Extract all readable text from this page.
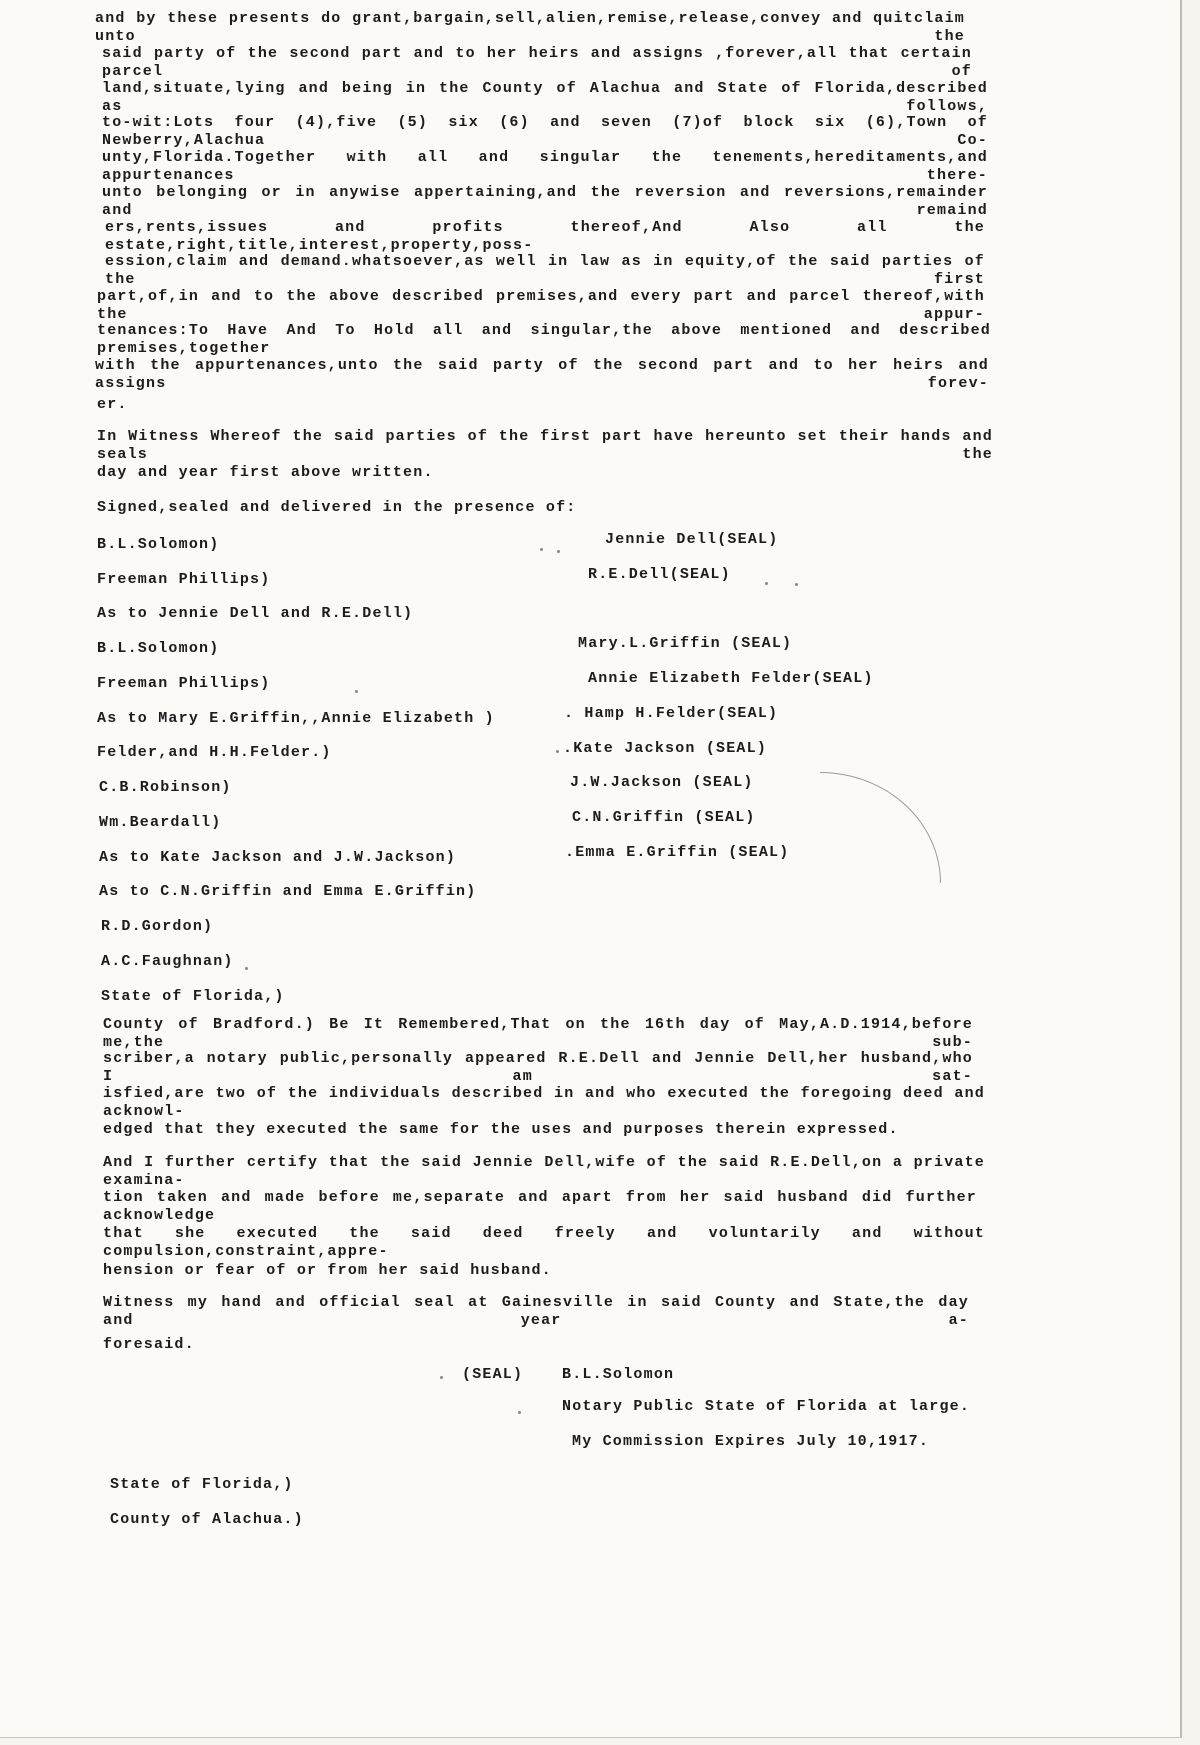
and by these presents do grant,bargain,sell,alien,remise,release,convey and quitclaim unto the

said party of the second part and to her heirs and assigns ,forever,all that certain parcel of

land,situate,lying and being in the County of Alachua and State of Florida,described as follows,

to-wit:Lots four (4),five (5) six (6) and seven (7)of block six (6),Town of Newberry,Alachua Co-

unty,Florida.Together with all and singular the tenements,hereditaments,and appurtenances there-

unto belonging or in anywise appertaining,and the reversion and reversions,remainder and remaind

ers,rents,issues and profits thereof,And Also all the estate,right,title,interest,property,poss-

ession,claim and demand.whatsoever,as well in law as in equity,of the said parties of the first

part,of,in and to the above described premises,and every part and parcel thereof,with the appur-

tenances:To Have And To Hold all and singular,the above mentioned and described premises,together

with the appurtenances,unto the said party of the second part and to her heirs and assigns forev-

er.

In Witness Whereof the said parties of the first part have hereunto set their hands and seals the

day and year first above written.

Signed,sealed and delivered in the presence of:

B.L.Solomon)

Freeman Phillips)

As to Jennie Dell and R.E.Dell)

B.L.Solomon)

Freeman Phillips)

As to Mary E.Griffin,,Annie Elizabeth )

Felder,and H.H.Felder.)

C.B.Robinson)

Wm.Beardall)

As to Kate Jackson and J.W.Jackson)

As to C.N.Griffin and Emma E.Griffin)

R.D.Gordon)

A.C.Faughnan)

Jennie Dell(SEAL)

R.E.Dell(SEAL)

Mary.L.Griffin (SEAL)

Annie Elizabeth Felder(SEAL)

. Hamp H.Felder(SEAL)

.Kate Jackson (SEAL)

J.W.Jackson (SEAL)

C.N.Griffin (SEAL)

.Emma E.Griffin (SEAL)

State of Florida,)

County of Bradford.) Be It Remembered,That on the 16th day of May,A.D.1914,before me,the sub-

scriber,a notary public,personally appeared R.E.Dell and Jennie Dell,her husband,who I am sat-

isfied,are two of the individuals described in and who executed the foregoing deed and acknowl-

edged that they executed the same for the uses and purposes therein expressed.

And I further certify that the said Jennie Dell,wife of the said R.E.Dell,on a private examina-

tion taken and made before me,separate and apart from her said husband did further acknowledge

that she executed the said deed freely and voluntarily and without compulsion,constraint,appre-

hension or fear of or from her said husband.

Witness my hand and official seal at Gainesville in said County and State,the day and year a-

foresaid.

(SEAL)	B.L.Solomon

Notary Public State of Florida at large.

My Commission Expires July 10,1917.

State of Florida,)

County of Alachua.)
